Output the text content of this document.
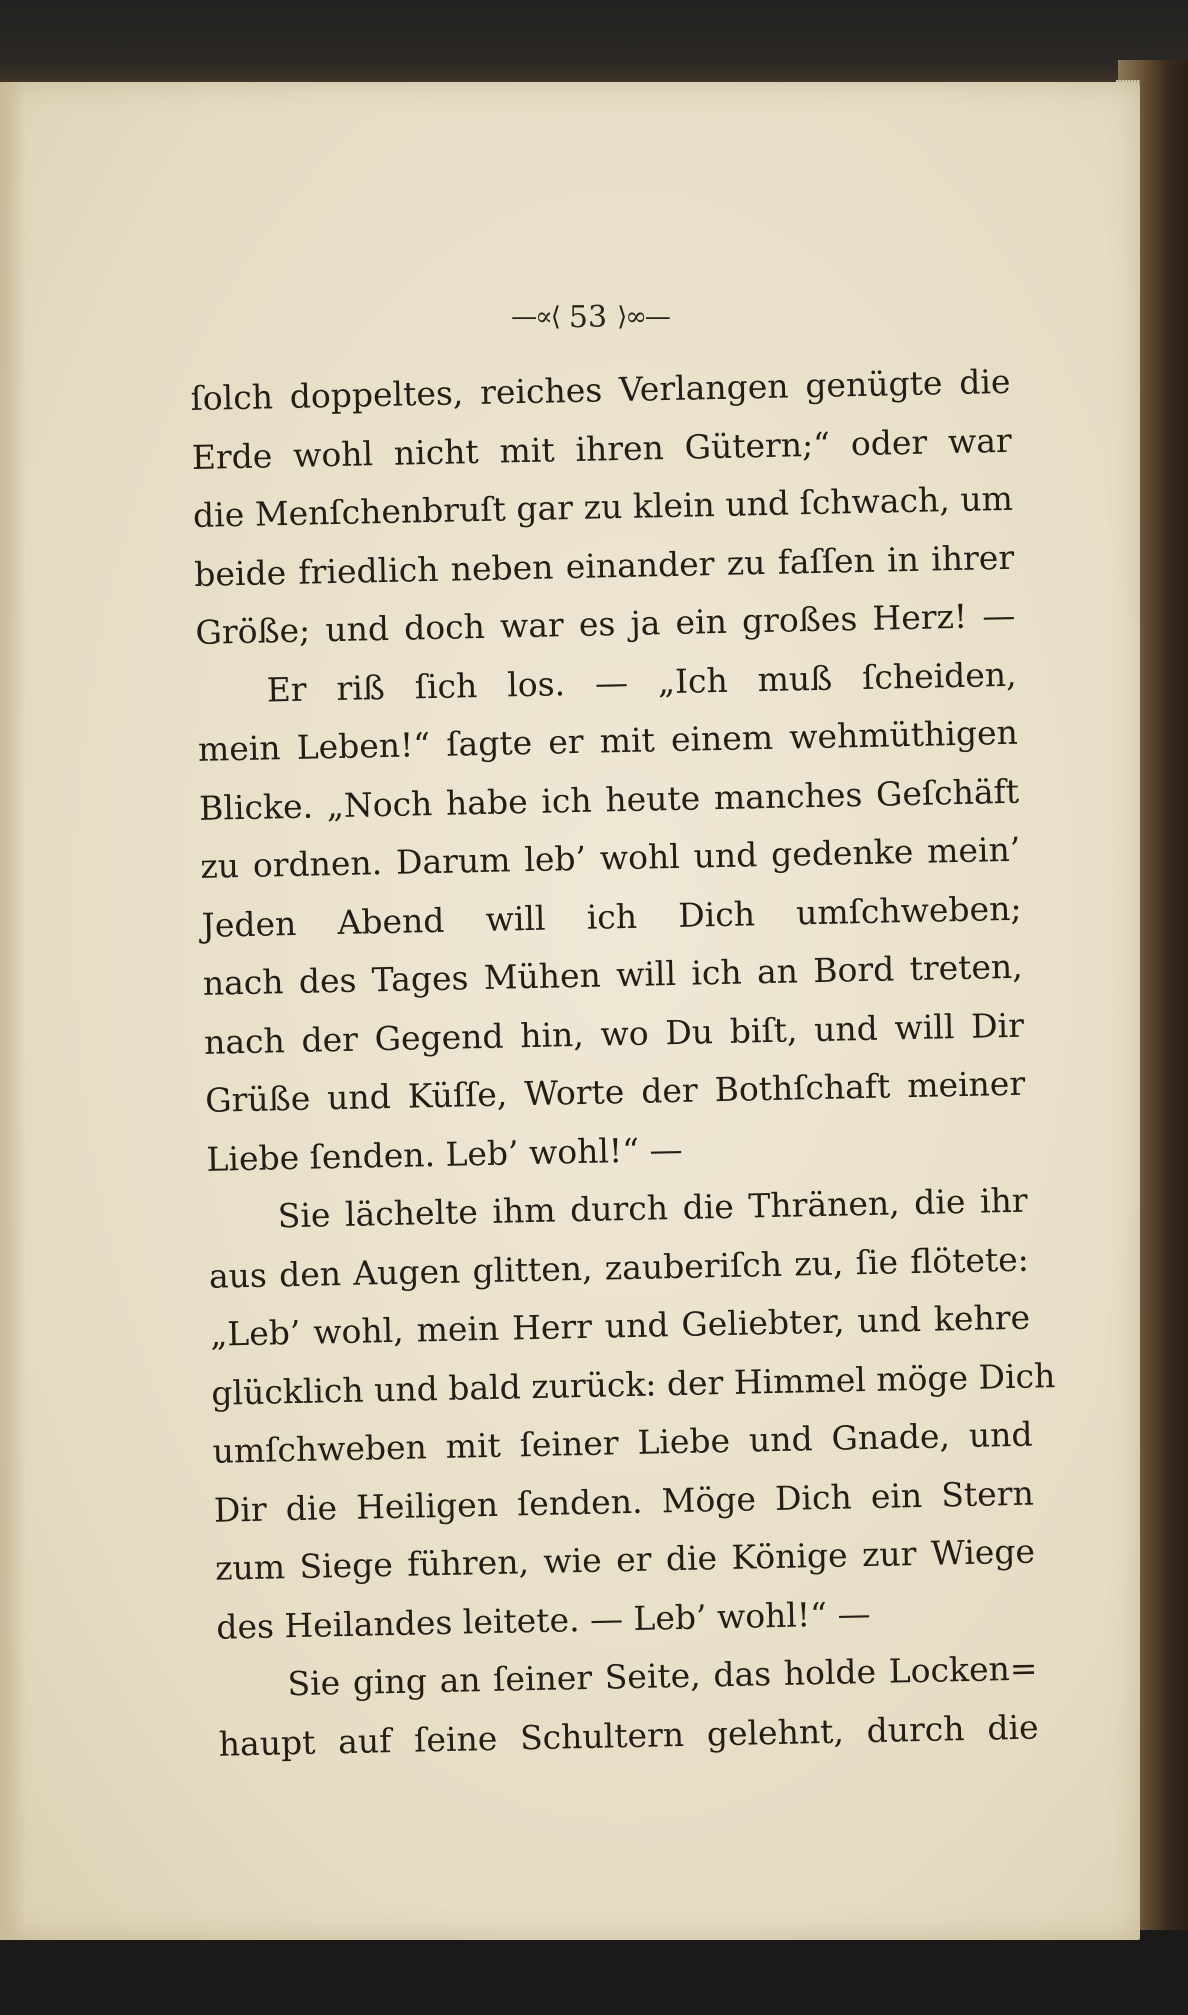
—∝⟨ 53 ⟩∞—
ſolch doppeltes, reiches Verlangen genügte die
Erde wohl nicht mit ihren Gütern;“ oder war
die Menſchenbruſt gar zu klein und ſchwach, um
beide friedlich neben einander zu faſſen in ihrer
Größe; und doch war es ja ein großes Herz! —
Er riß ſich los. — „Ich muß ſcheiden,
mein Leben!“ ſagte er mit einem wehmüthigen
Blicke. „Noch habe ich heute manches Geſchäft
zu ordnen. Darum leb’ wohl und gedenke mein’
Jeden Abend will ich Dich umſchweben;
nach des Tages Mühen will ich an Bord treten,
nach der Gegend hin, wo Du biſt, und will Dir
Grüße und Küſſe, Worte der Bothſchaft meiner
Liebe ſenden. Leb’ wohl!“ —
Sie lächelte ihm durch die Thränen, die ihr
aus den Augen glitten, zauberiſch zu, ſie flötete:
„Leb’ wohl, mein Herr und Geliebter, und kehre
glücklich und bald zurück: der Himmel möge Dich
umſchweben mit ſeiner Liebe und Gnade, und
Dir die Heiligen ſenden. Möge Dich ein Stern
zum Siege führen, wie er die Könige zur Wiege
des Heilandes leitete. — Leb’ wohl!“ —
Sie ging an ſeiner Seite, das holde Locken=
haupt auf ſeine Schultern gelehnt, durch die
